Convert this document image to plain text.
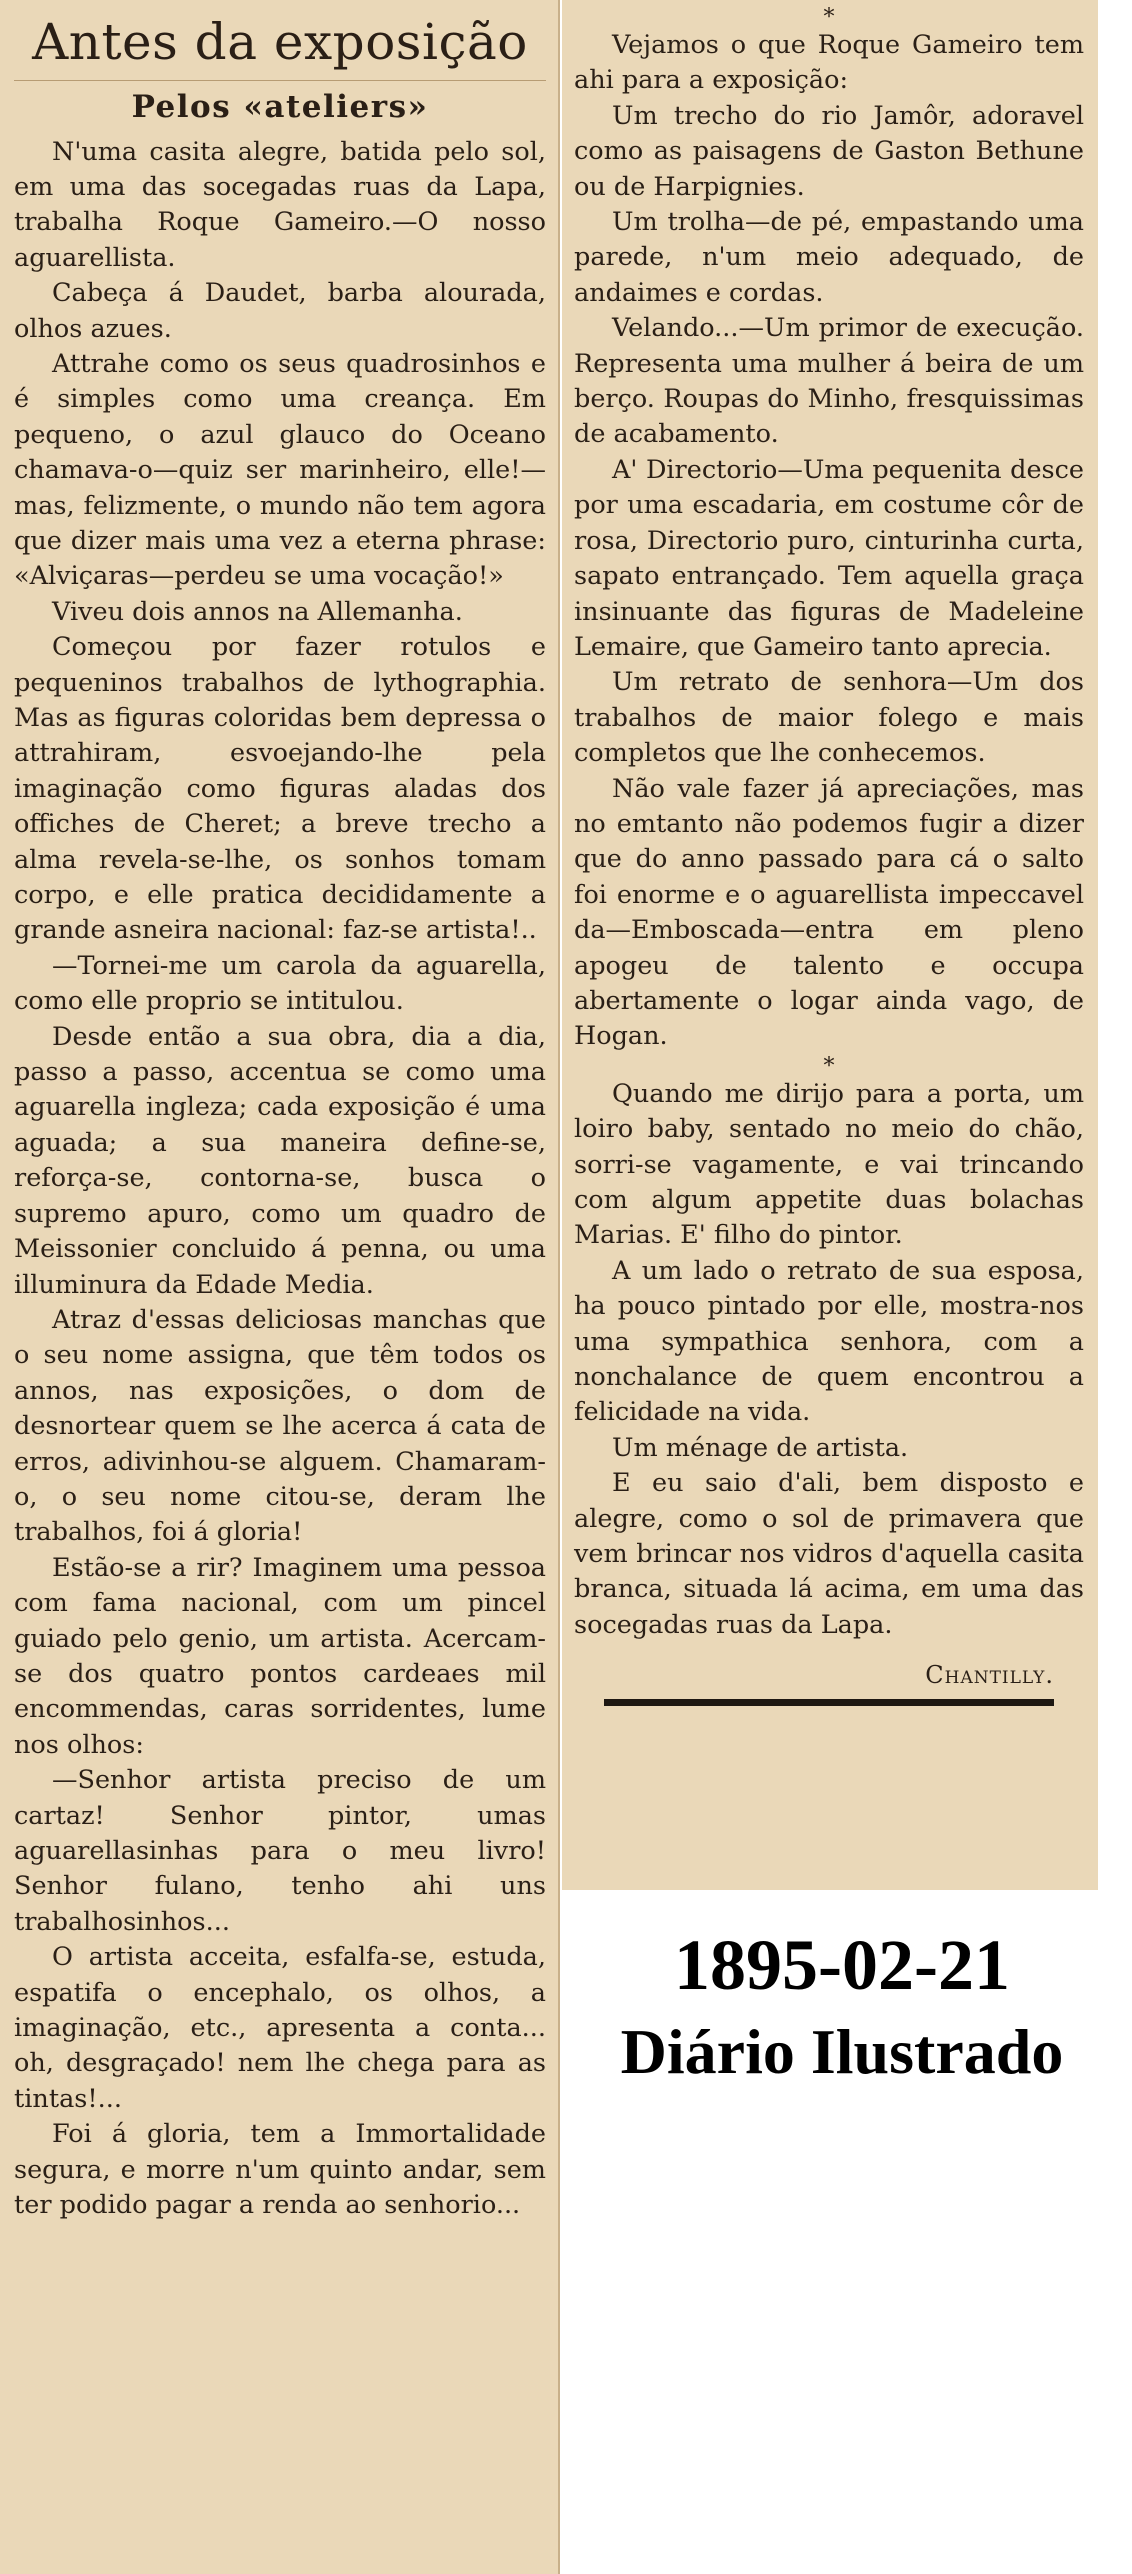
Antes da exposição
Pelos «ateliers»

N'uma casita alegre, batida pelo sol, em uma das socegadas ruas da Lapa, trabalha Roque Gameiro.—O nosso aguarellista.

Cabeça á Daudet, barba alourada, olhos azues.

Attrahe como os seus quadrosinhos e é simples como uma creança. Em pequeno, o azul glauco do Oceano chamava-o—quiz ser marinheiro, elle!—mas, felizmente, o mundo não tem agora que dizer mais uma vez a eterna phrase: «Alviçaras—perdeu se uma vocação!»

Viveu dois annos na Allemanha.

Começou por fazer rotulos e pequeninos trabalhos de lythographia. Mas as figuras coloridas bem depressa o attrahiram, esvoejando-lhe pela imaginação como figuras aladas dos offiches de Cheret; a breve trecho a alma revela-se-lhe, os sonhos tomam corpo, e elle pratica decididamente a grande asneira nacional: faz-se artista!..

—Tornei-me um carola da aguarella, como elle proprio se intitulou.

Desde então a sua obra, dia a dia, passo a passo, accentua se como uma aguarella ingleza; cada exposição é uma aguada; a sua maneira define-se, reforça-se, contorna-se, busca o supremo apuro, como um quadro de Meissonier concluido á penna, ou uma illuminura da Edade Media.

Atraz d'essas deliciosas manchas que o seu nome assigna, que têm todos os annos, nas exposições, o dom de desnortear quem se lhe acerca á cata de erros, adivinhou-se alguem. Chamaram-o, o seu nome citou-se, deram lhe trabalhos, foi á gloria!

Estão-se a rir? Imaginem uma pessoa com fama nacional, com um pincel guiado pelo genio, um artista. Acercam-se dos quatro pontos cardeaes mil encommendas, caras sorridentes, lume nos olhos:

—Senhor artista preciso de um cartaz! Senhor pintor, umas aguarellasinhas para o meu livro! Senhor fulano, tenho ahi uns trabalhosinhos...

O artista acceita, esfalfa-se, estuda, espatifa o encephalo, os olhos, a imaginação, etc., apresenta a conta... oh, desgraçado! nem lhe chega para as tintas!...

Foi á gloria, tem a Immortalidade segura, e morre n'um quinto andar, sem ter podido pagar a renda ao senhorio...

*

Vejamos o que Roque Gameiro tem ahi para a exposição:

Um trecho do rio Jamôr, adoravel como as paisagens de Gaston Bethune ou de Harpignies.

Um trolha—de pé, empastando uma parede, n'um meio adequado, de andaimes e cordas.

Velando...—Um primor de execução. Representa uma mulher á beira de um berço. Roupas do Minho, fresquissimas de acabamento.

A' Directorio—Uma pequenita desce por uma escadaria, em costume côr de rosa, Directorio puro, cinturinha curta, sapato entrançado. Tem aquella graça insinuante das figuras de Madeleine Lemaire, que Gameiro tanto aprecia.

Um retrato de senhora—Um dos trabalhos de maior folego e mais completos que lhe conhecemos.

Não vale fazer já apreciações, mas no emtanto não podemos fugir a dizer que do anno passado para cá o salto foi enorme e o aguarellista impeccavel da—Emboscada—entra em pleno apogeu de talento e occupa abertamente o logar ainda vago, de Hogan.

*

Quando me dirijo para a porta, um loiro baby, sentado no meio do chão, sorri-se vagamente, e vai trincando com algum appetite duas bolachas Marias. E' filho do pintor.

A um lado o retrato de sua esposa, ha pouco pintado por elle, mostra-nos uma sympathica senhora, com a nonchalance de quem encontrou a felicidade na vida.

Um ménage de artista.

E eu saio d'ali, bem disposto e alegre, como o sol de primavera que vem brincar nos vidros d'aquella casita branca, situada lá acima, em uma das socegadas ruas da Lapa.

Chantilly.
1895-02-21
Diário Ilustrado
